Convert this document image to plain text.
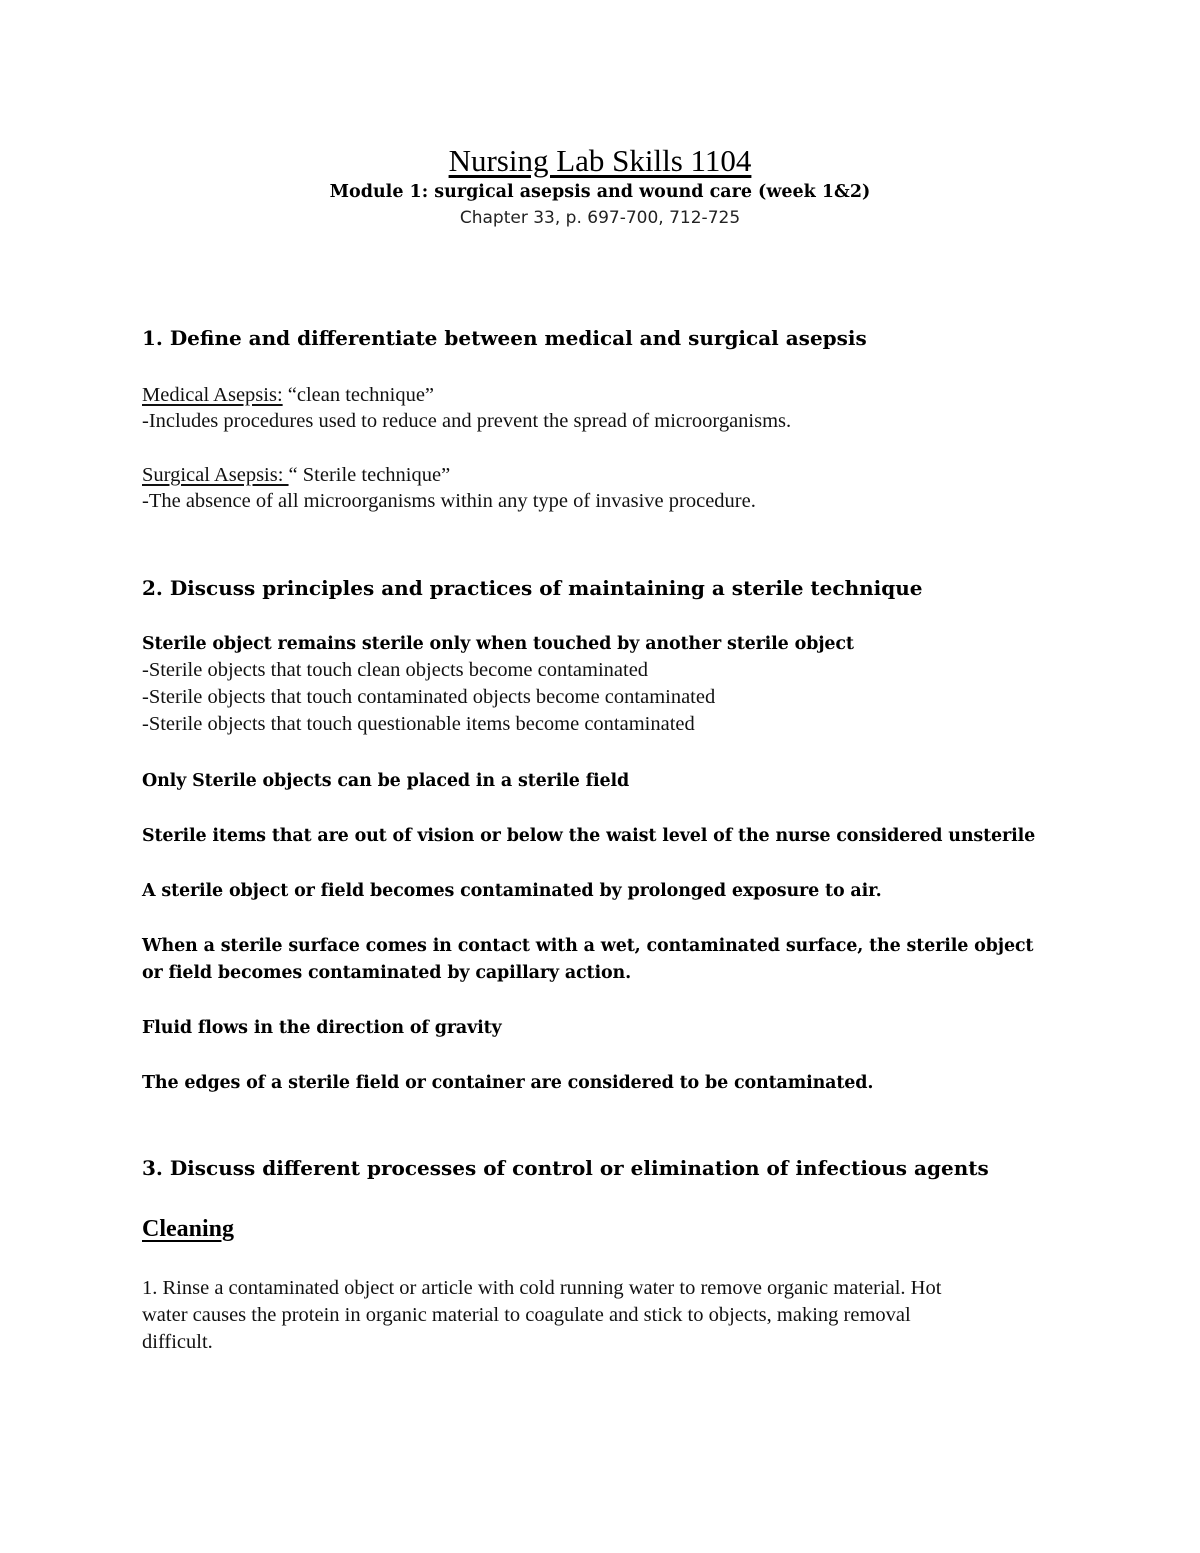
Nursing Lab Skills 1104
Module 1: surgical asepsis and wound care (week 1&2)
Chapter 33, p. 697-700, 712-725
1. Define and differentiate between medical and surgical asepsis
Medical Asepsis: “clean technique”
-Includes procedures used to reduce and prevent the spread of microorganisms.
Surgical Asepsis: “ Sterile technique”
-The absence of all microorganisms within any type of invasive procedure.
2. Discuss principles and practices of maintaining a sterile technique
Sterile object remains sterile only when touched by another sterile object
-Sterile objects that touch clean objects become contaminated
-Sterile objects that touch contaminated objects become contaminated
-Sterile objects that touch questionable items become contaminated
Only Sterile objects can be placed in a sterile field
Sterile items that are out of vision or below the waist level of the nurse considered unsterile
A sterile object or field becomes contaminated by prolonged exposure to air.
When a sterile surface comes in contact with a wet, contaminated surface, the sterile object
or field becomes contaminated by capillary action.
Fluid flows in the direction of gravity
The edges of a sterile field or container are considered to be contaminated.
3. Discuss different processes of control or elimination of infectious agents
Cleaning
1. Rinse a contaminated object or article with cold running water to remove organic material. Hot
water causes the protein in organic material to coagulate and stick to objects, making removal
difficult.
